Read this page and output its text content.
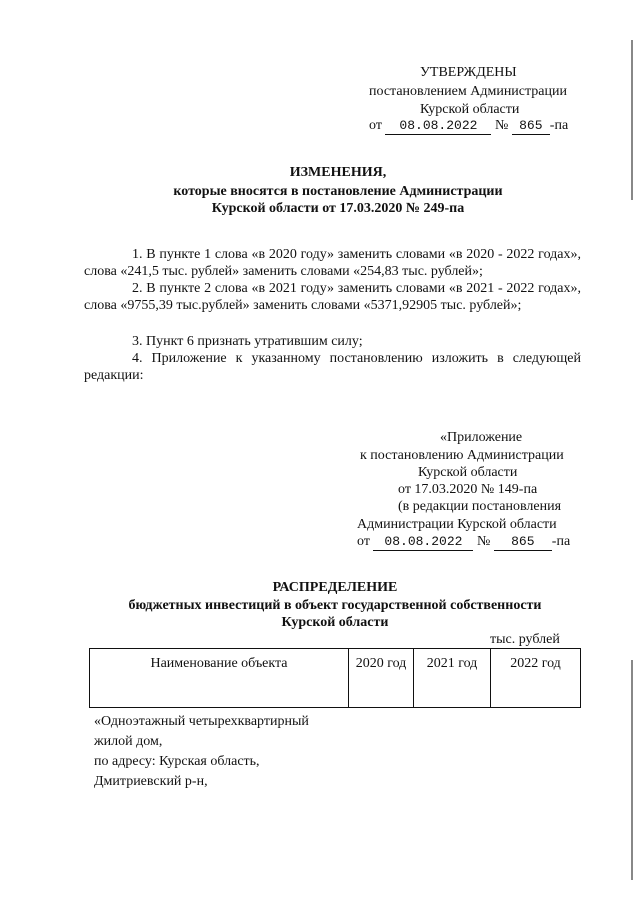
УТВЕРЖДЕНЫ
постановлением Администрации
Курской области
от 08.08.2022 № 865 -па
ИЗМЕНЕНИЯ,
которые вносятся в постановление Администрации
Курской области от 17.03.2020 № 249-па
1. В пункте 1 слова «в 2020 году» заменить словами «в 2020 - 2022 годах», слова «241,5 тыс. рублей» заменить словами «254,83 тыс. рублей»;
2. В пункте 2 слова «в 2021 году» заменить словами «в 2021 - 2022 годах», слова «9755,39 тыс.рублей» заменить словами «5371,92905 тыс. рублей»;
3. Пункт 6 признать утратившим силу;
4. Приложение к указанному постановлению изложить в следующей редакции:
«Приложение
к постановлению Администрации
Курской области
от 17.03.2020 № 149-па
(в редакции постановления
Администрации Курской области
от 08.08.2022 № 865 -па
РАСПРЕДЕЛЕНИЕ
бюджетных инвестиций в объект государственной собственности
Курской области
тыс. рублей
Наименование объекта	2020 год	2021 год	2022 год
«Одноэтажный четырехквартирный
жилой дом,
по адресу: Курская область,
Дмитриевский р-н,
